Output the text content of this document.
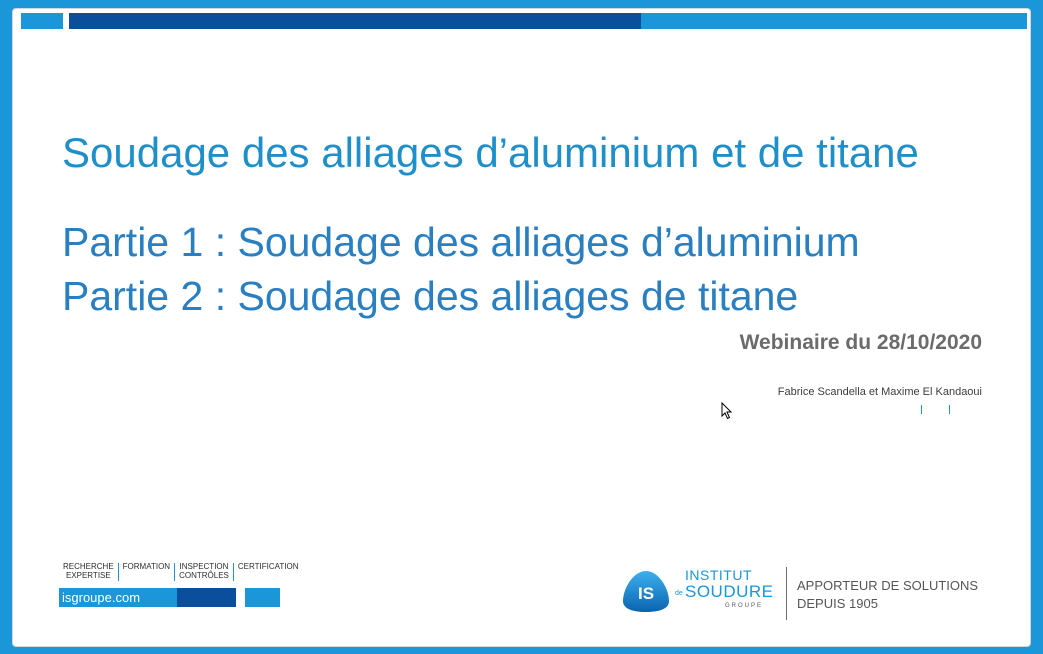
Soudage des alliages d’aluminium et de titane
Partie 1 : Soudage des alliages d’aluminium
Partie 2 : Soudage des alliages de titane
Webinaire du 28/10/2020
Fabrice Scandella et Maxime El Kandaoui
RECHERCHE
EXPERTISE
FORMATION INSPECTION
CONTRÔLES
CERTIFICATION
isgroupe.com	IS
INSTITUT
de SOUDURE
GROUPE
APPORTEUR DE SOLUTIONS
DEPUIS 1905
